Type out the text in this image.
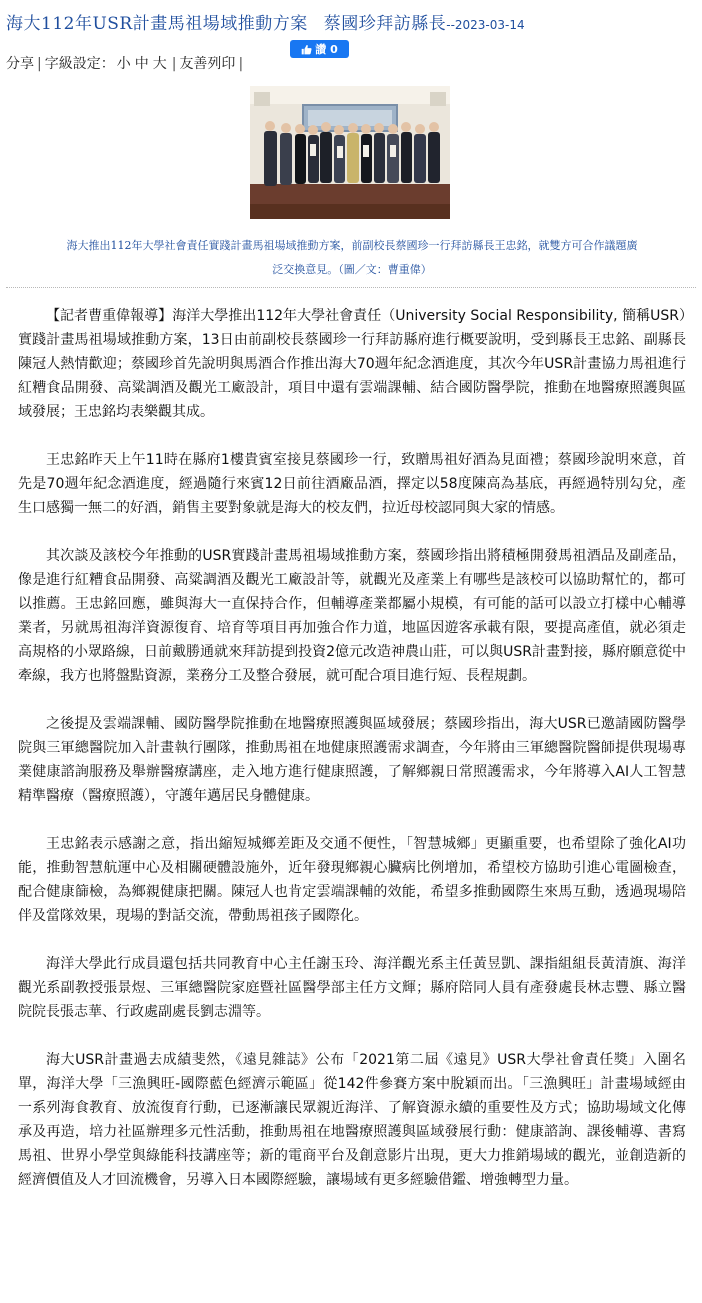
海大112年USR計畫馬祖場域推動方案 蔡國珍拜訪縣長--2023-03-14
讚 0
分享 | 字級設定： 小 中 大 | 友善列印 |
海大推出112年大學社會責任實踐計畫馬祖場域推動方案，前副校長蔡國珍一行拜訪縣長王忠銘，就雙方可合作議題廣
泛交換意見。（圖／文：曹重偉）

【記者曹重偉報導】海洋大學推出112年大學社會責任（University Social Responsibility, 簡稱USR）實踐計畫馬祖場域推動方案，13日由前副校長蔡國珍一行拜訪縣府進行概要說明，受到縣長王忠銘、副縣長陳冠人熱情歡迎；蔡國珍首先說明與馬酒合作推出海大70週年紀念酒進度，其次今年USR計畫協力馬祖進行紅糟食品開發、高粱調酒及觀光工廠設計，項目中還有雲端課輔、結合國防醫學院，推動在地醫療照護與區域發展；王忠銘均表樂觀其成。

王忠銘昨天上午11時在縣府1樓貴賓室接見蔡國珍一行，致贈馬祖好酒為見面禮；蔡國珍說明來意，首先是70週年紀念酒進度，經過隨行來賓12日前往酒廠品酒，擇定以58度陳高為基底，再經過特別勾兌，產生口感獨一無二的好酒，銷售主要對象就是海大的校友們，拉近母校認同與大家的情感。

其次談及該校今年推動的USR實踐計畫馬祖場域推動方案，蔡國珍指出將積極開發馬祖酒品及副產品，像是進行紅糟食品開發、高粱調酒及觀光工廠設計等，就觀光及產業上有哪些是該校可以協助幫忙的，都可以推薦。王忠銘回應，雖與海大一直保持合作，但輔導產業都屬小規模，有可能的話可以設立打樣中心輔導業者，另就馬祖海洋資源復育、培育等項目再加強合作力道，地區因遊客承載有限，要提高產值，就必須走高規格的小眾路線，日前戴勝通就來拜訪提到投資2億元改造神農山莊，可以與USR計畫對接，縣府願意從中牽線，我方也將盤點資源，業務分工及整合發展，就可配合項目進行短、長程規劃。

之後提及雲端課輔、國防醫學院推動在地醫療照護與區域發展；蔡國珍指出，海大USR已邀請國防醫學院與三軍總醫院加入計畫執行團隊，推動馬祖在地健康照護需求調查，今年將由三軍總醫院醫師提供現場專業健康諮詢服務及舉辦醫療講座，走入地方進行健康照護，了解鄉親日常照護需求，今年將導入AI人工智慧精準醫療（醫療照護），守護年邁居民身體健康。

王忠銘表示感謝之意，指出縮短城鄉差距及交通不便性，「智慧城鄉」更顯重要，也希望除了強化AI功能，推動智慧航運中心及相關硬體設施外，近年發現鄉親心臟病比例增加，希望校方協助引進心電圖檢查，配合健康篩檢，為鄉親健康把關。陳冠人也肯定雲端課輔的效能，希望多推動國際生來馬互動，透過現場陪伴及當隊效果，現場的對話交流，帶動馬祖孩子國際化。

海洋大學此行成員還包括共同教育中心主任謝玉玲、海洋觀光系主任黃昱凱、課指組組長黃清旗、海洋觀光系副教授張景煜、三軍總醫院家庭暨社區醫學部主任方文輝；縣府陪同人員有產發處長林志豐、縣立醫院院長張志華、行政處副處長劉志淵等。

海大USR計畫過去成績斐然，《遠見雜誌》公布「2021第二屆《遠見》USR大學社會責任獎」入圍名單，海洋大學「三漁興旺-國際藍色經濟示範區」從142件參賽方案中脫穎而出。「三漁興旺」計畫場域經由一系列海食教育、放流復育行動，已逐漸讓民眾親近海洋、了解資源永續的重要性及方式；協助場域文化傳承及再造，培力社區辦理多元性活動，推動馬祖在地醫療照護與區域發展行動：健康諮詢、課後輔導、書寫馬祖、世界小學堂與綠能科技講座等；新的電商平台及創意影片出現，更大力推銷場域的觀光，並創造新的經濟價值及人才回流機會，另導入日本國際經驗，讓場域有更多經驗借鑑、增強轉型力量。
